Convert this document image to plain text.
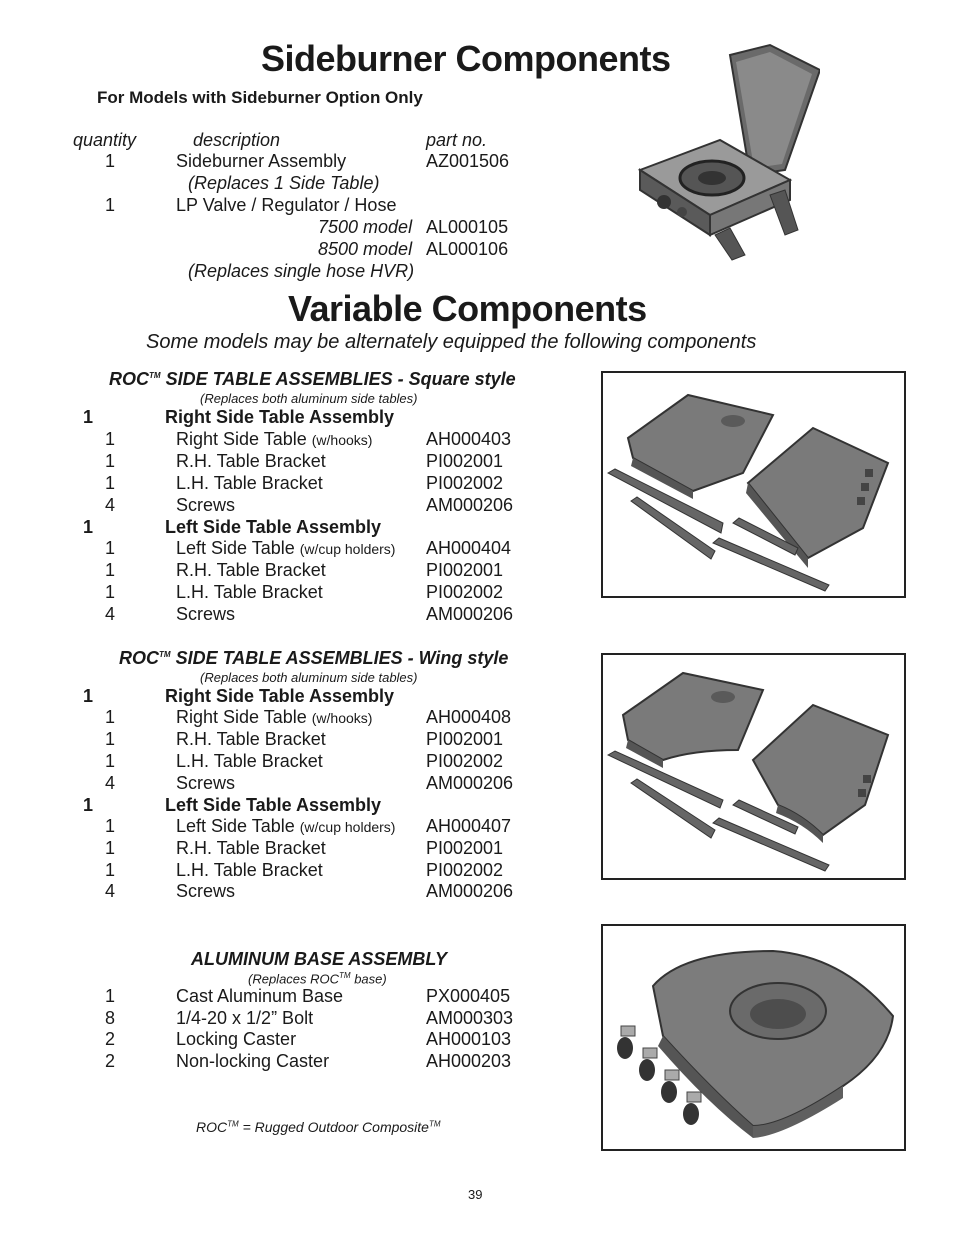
Sideburner Components
For Models with Sideburner Option Only
quantity	description	part no.
1	Sideburner Assembly	AZ001506
(Replaces 1 Side Table)
1	LP Valve / Regulator / Hose
7500 model AL000105
8500 model AL000106
(Replaces single hose HVR)
Variable Components
Some models may be alternately equipped the following components
ROC™ SIDE TABLE ASSEMBLIES - Square style
(Replaces both aluminum side tables)
1	Right Side Table Assembly
1	Right Side Table (w/hooks)	AH000403
1	R.H. Table Bracket	PI002001
1	L.H. Table Bracket	PI002002
4	Screws	AM000206
1	Left Side Table Assembly
1	Left Side Table (w/cup holders) AH000404
1	R.H. Table Bracket	PI002001
1	L.H. Table Bracket	PI002002
4	Screws	AM000206
ROC™ SIDE TABLE ASSEMBLIES - Wing style
(Replaces both aluminum side tables)
1	Right Side Table Assembly
1	Right Side Table (w/hooks)	AH000408
1	R.H. Table Bracket	PI002001
1	L.H. Table Bracket	PI002002
4	Screws	AM000206
1	Left Side Table Assembly
1	Left Side Table (w/cup holders) AH000407
1	R.H. Table Bracket	PI002001
1	L.H. Table Bracket	PI002002
4	Screws	AM000206
ALUMINUM BASE ASSEMBLY
(Replaces ROC™ base)
1	Cast Aluminum Base	PX000405
8	1/4-20 x 1/2” Bolt	AM000303
2	Locking Caster	AH000103
2	Non-locking Caster	AH000203
ROC™ = Rugged Outdoor Composite™
39
